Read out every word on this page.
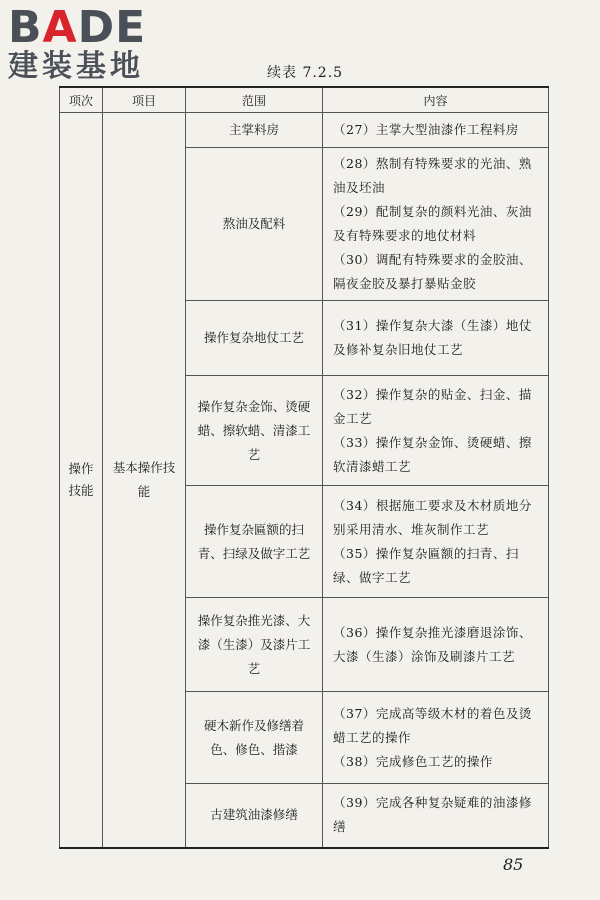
BADE
建装基地	续表 7.2.5
项次	项目	范围	内容
操作技能	基本操作技能	主掌料房	（27）主掌大型油漆作工程料房

		熬油及配料	（28）熬制有特殊要求的光油、熟油及坯油
（29）配制复杂的颜料光油、灰油及有特殊要求的地仗材料
（30）调配有特殊要求的金胶油、隔夜金胶及暴打暴贴金胶

		操作复杂地仗工艺	（31）操作复杂大漆（生漆）地仗及修补复杂旧地仗工艺

		操作复杂金饰、烫硬蜡、擦软蜡、清漆工艺	（32）操作复杂的贴金、扫金、描金工艺
（33）操作复杂金饰、烫硬蜡、擦软清漆蜡工艺

		操作复杂匾额的扫青、扫绿及做字工艺	（34）根据施工要求及木材质地分别采用清水、堆灰制作工艺
（35）操作复杂匾额的扫青、扫绿、做字工艺

		操作复杂推光漆、大漆（生漆）及漆片工艺	（36）操作复杂推光漆磨退涂饰、大漆（生漆）涂饰及刷漆片工艺

		硬木新作及修缮着色、修色、揩漆	（37）完成高等级木材的着色及烫蜡工艺的操作
（38）完成修色工艺的操作

		古建筑油漆修缮	（39）完成各种复杂疑难的油漆修缮
85
